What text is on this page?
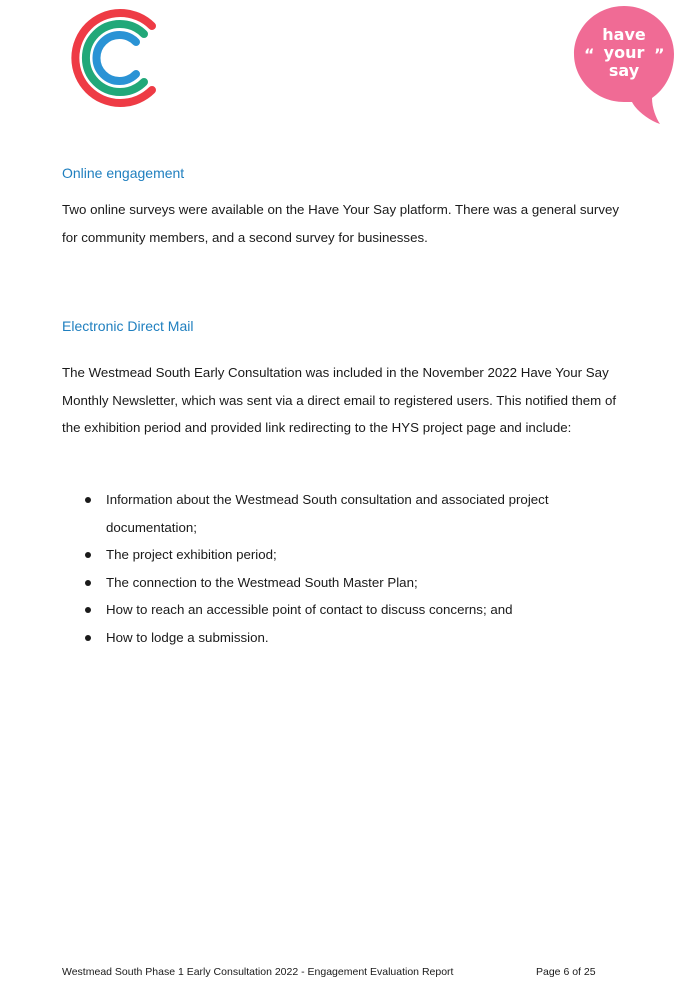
have
your
say
“	”
Online engagement

Two online surveys were available on the Have Your Say platform. There was a general survey for community members, and a second survey for businesses.

Electronic Direct Mail

The Westmead South Early Consultation was included in the November 2022 Have Your Say Monthly Newsletter, which was sent via a direct email to registered users. This notified them of the exhibition period and provided link redirecting to the HYS project page and include:

Information about the Westmead South consultation and associated project documentation;
The project exhibition period;
The connection to the Westmead South Master Plan;
How to reach an accessible point of contact to discuss concerns; and
How to lodge a submission.
Westmead South Phase 1 Early Consultation 2022 - Engagement Evaluation Report	Page 6 of 25
